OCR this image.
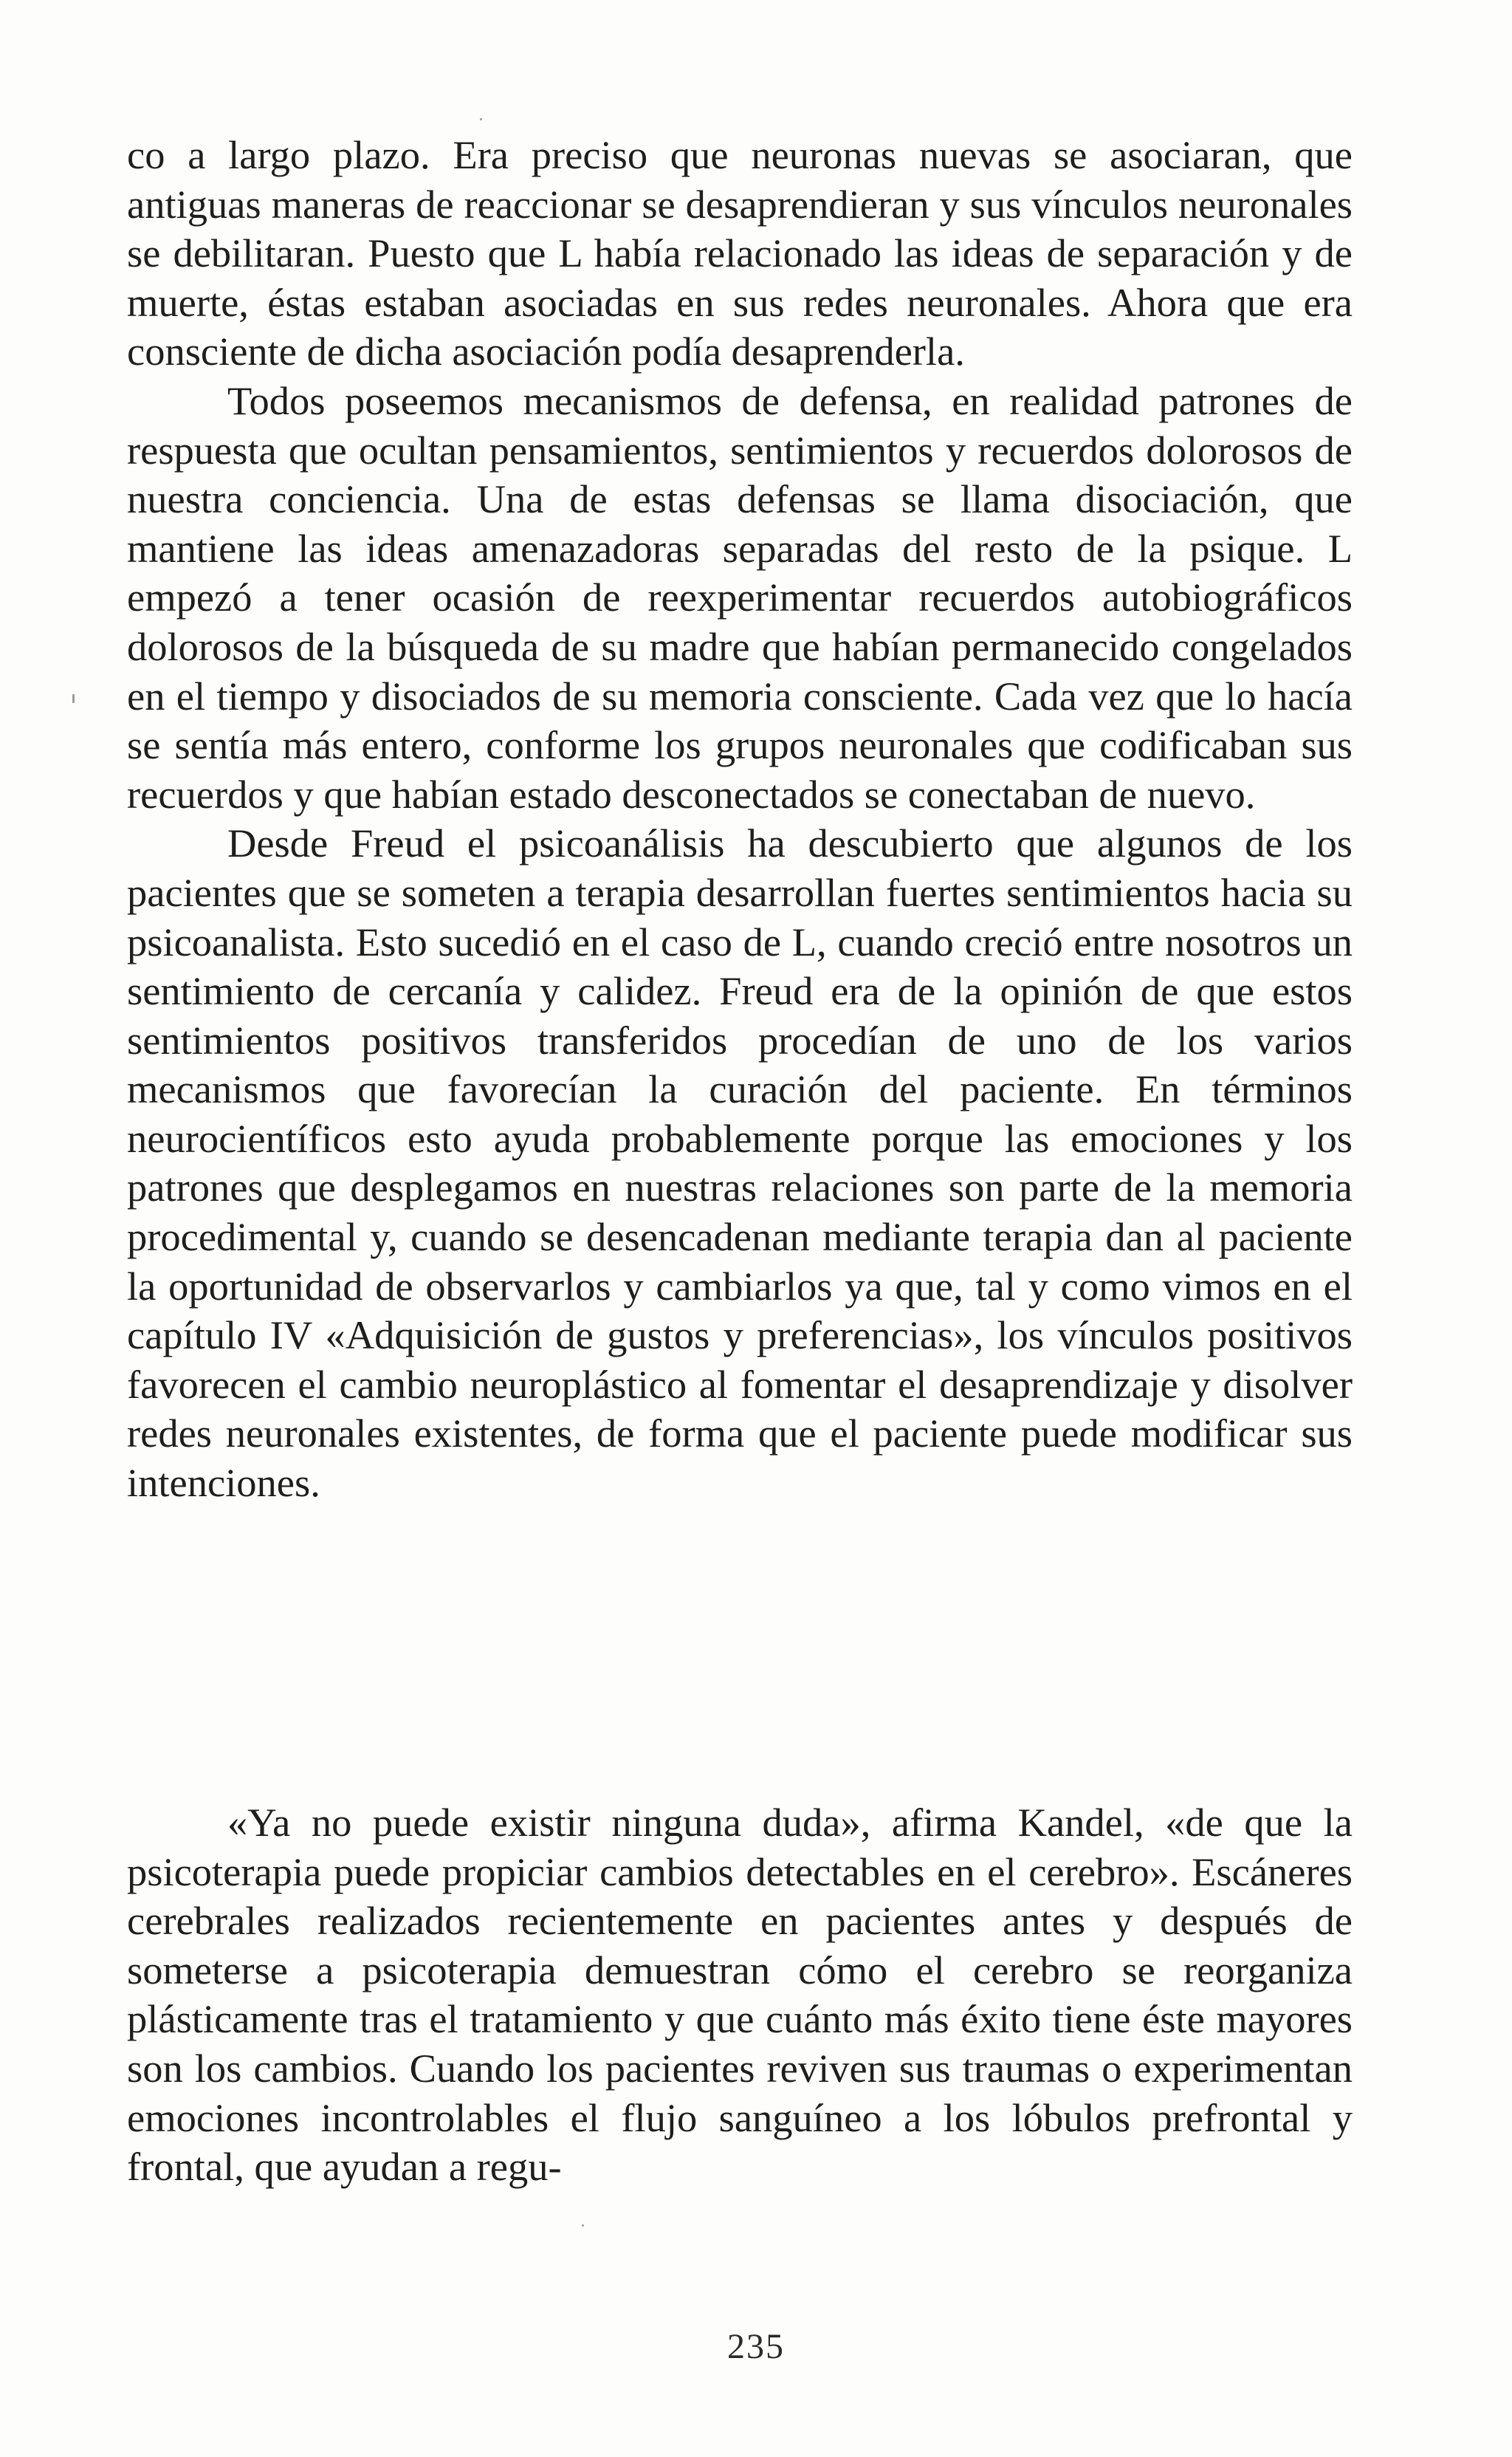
co a largo plazo. Era preciso que neuronas nuevas se asociaran, que antiguas maneras de reaccionar se desaprendieran y sus vínculos neuronales se debilitaran. Puesto que L había relacionado las ideas de separación y de muerte, éstas estaban asociadas en sus redes neuronales. Ahora que era consciente de dicha asociación podía desaprenderla.

Todos poseemos mecanismos de defensa, en realidad patrones de respuesta que ocultan pensamientos, sentimientos y recuerdos dolorosos de nuestra conciencia. Una de estas defensas se llama disociación, que mantiene las ideas amenazadoras separadas del resto de la psique. L empezó a tener ocasión de reexperimentar recuerdos autobiográficos dolorosos de la búsqueda de su madre que habían permanecido congelados en el tiempo y disociados de su memoria consciente. Cada vez que lo hacía se sentía más entero, conforme los grupos neuronales que codificaban sus recuerdos y que habían estado desconectados se conectaban de nuevo.

Desde Freud el psicoanálisis ha descubierto que algunos de los pacientes que se someten a terapia desarrollan fuertes sentimientos hacia su psicoanalista. Esto sucedió en el caso de L, cuando creció entre nosotros un sentimiento de cercanía y calidez. Freud era de la opinión de que estos sentimientos positivos transferidos procedían de uno de los varios mecanismos que favorecían la curación del paciente. En términos neurocientíficos esto ayuda probablemente porque las emociones y los patrones que desplegamos en nuestras relaciones son parte de la memoria procedimental y, cuando se desencadenan mediante terapia dan al paciente la oportunidad de observarlos y cambiarlos ya que, tal y como vimos en el capítulo IV «Adquisición de gustos y preferencias», los vínculos positivos favorecen el cambio neuroplástico al fomentar el desaprendizaje y disolver redes neuronales existentes, de forma que el paciente puede modificar sus intenciones.

«Ya no puede existir ninguna duda», afirma Kandel, «de que la psicoterapia puede propiciar cambios detectables en el cerebro». Escáneres cerebrales realizados recientemente en pacientes antes y después de someterse a psicoterapia demuestran cómo el cerebro se reorganiza plásticamente tras el tratamiento y que cuánto más éxito tiene éste mayores son los cambios. Cuando los pacientes reviven sus traumas o experimentan emociones incontrolables el flujo sanguíneo a los lóbulos prefrontal y frontal, que ayudan a regu-

235
